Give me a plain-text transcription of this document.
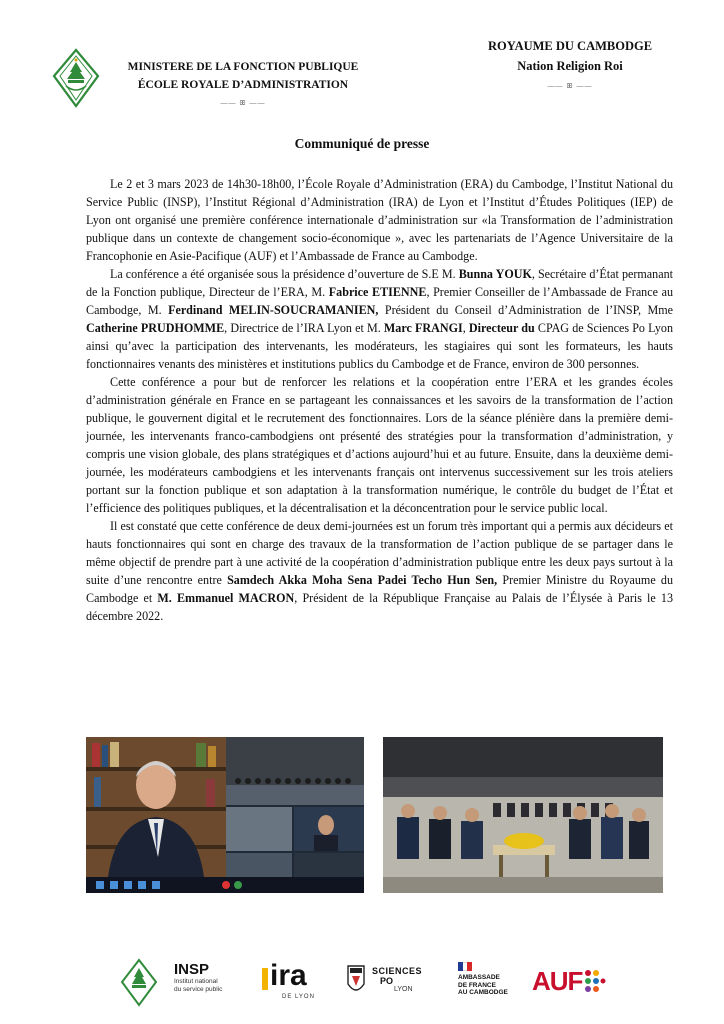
MINISTERE DE LA FONCTION PUBLIQUE
ÉCOLE ROYALE D’ADMINISTRATION
—— ꕥ ——
ROYAUME DU CAMBODGE
Nation Religion Roi
—— ꕥ ——
Communiqué de presse

Le 2 et 3 mars 2023 de 14h30-18h00, l’École Royale d’Administration (ERA) du Cambodge, l’Institut National du Service Public (INSP), l’Institut Régional d’Administration (IRA) de Lyon et l’Institut d’Études Politiques (IEP) de Lyon ont organisé une première conférence internationale d’administration sur «la Transformation de l’administration publique dans un contexte de changement socio-économique », avec les partenariats de l’Agence Universitaire de la Francophonie en Asie-Pacifique (AUF) et l’Ambassade de France au Cambodge.

La conférence a été organisée sous la présidence d’ouverture de S.E M. Bunna YOUK, Secrétaire d’État permanant de la Fonction publique, Directeur de l’ERA, M. Fabrice ETIENNE, Premier Conseiller de l’Ambassade de France au Cambodge, M. Ferdinand MELIN-SOUCRAMANIEN, Président du Conseil d’Administration de l’INSP, Mme Catherine PRUDHOMME, Directrice de l’IRA Lyon et M. Marc FRANGI, Directeur du CPAG de Sciences Po Lyon ainsi qu’avec la participation des intervenants, les modérateurs, les stagiaires qui sont les formateurs, les hauts fonctionnaires venants des ministères et institutions publics du Cambodge et de France, environ de 300 personnes.

Cette conférence a pour but de renforcer les relations et la coopération entre l’ERA et les grandes écoles d’administration générale en France en se partageant les connaissances et les savoirs de la transformation de l’action publique, le gouvernent digital et le recrutement des fonctionnaires. Lors de la séance plénière dans la première demi-journée, les intervenants franco-cambodgiens ont présenté des stratégies pour la transformation d’administration, y compris une vision globale, des plans stratégiques et d’actions aujourd’hui et au future. Ensuite, dans la deuxième demi-journée, les modérateurs cambodgiens et les intervenants français ont intervenus successivement sur les trois ateliers portant sur la fonction publique et son adaptation à la transformation numérique, le contrôle du budget de l’État et l’efficience des politiques publiques, et la décentralisation et la déconcentration pour le service public local.

Il est constaté que cette conférence de deux demi-journées est un forum très important qui a permis aux décideurs et hauts fonctionnaires qui sont en charge des travaux de la transformation de l’action publique de se partager dans le même objectif de prendre part à une activité de la coopération d’administration publique entre les deux pays surtout à la suite d’une rencontre entre Samdech Akka Moha Sena Padei Techo Hun Sen, Premier Ministre du Royaume du Cambodge et M. Emmanuel MACRON, Président de la République Française au Palais de l’Élysée à Paris le 13 décembre 2022.

INSP
Institut national
du service public	ira
DE LYON
SCIENCES
PO
LYON
AMBASSADE
DE FRANCE
AU CAMBODGE AUF
